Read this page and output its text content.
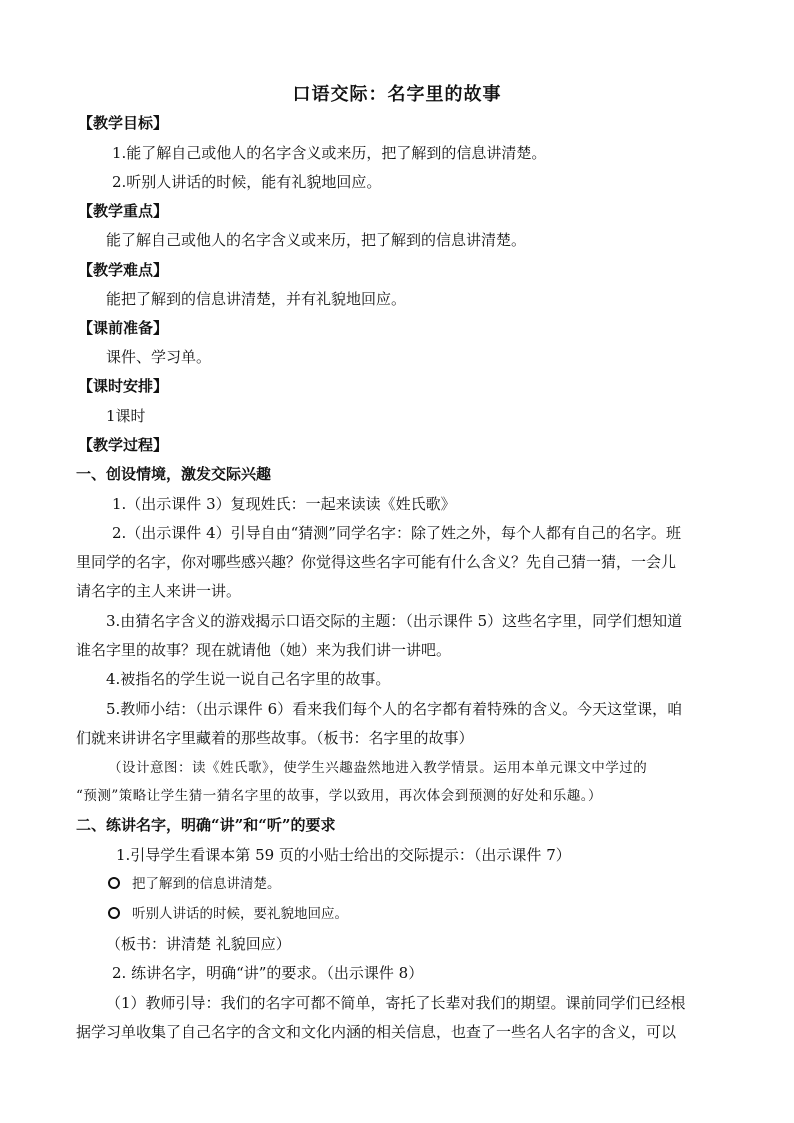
口语交际：名字里的故事
【教学目标】
1.能了解自己或他人的名字含义或来历，把了解到的信息讲清楚。
2.听别人讲话的时候，能有礼貌地回应。
【教学重点】
能了解自己或他人的名字含义或来历，把了解到的信息讲清楚。
【教学难点】
能把了解到的信息讲清楚，并有礼貌地回应。
【课前准备】
课件、学习单。
【课时安排】
1课时
【教学过程】
一、创设情境，激发交际兴趣
1.（出示课件 3）复现姓氏：一起来读读《姓氏歌》
2.（出示课件 4）引导自由“猜测”同学名字：除了姓之外，每个人都有自己的名字。班
里同学的名字，你对哪些感兴趣？你觉得这些名字可能有什么含义？先自己猜一猜，一会儿
请名字的主人来讲一讲。
3.由猜名字含义的游戏揭示口语交际的主题：（出示课件 5）这些名字里，同学们想知道
谁名字里的故事？现在就请他（她）来为我们讲一讲吧。
4.被指名的学生说一说自己名字里的故事。
5.教师小结：（出示课件 6）看来我们每个人的名字都有着特殊的含义。今天这堂课，咱
们就来讲讲名字里藏着的那些故事。（板书：名字里的故事）
（设计意图：读《姓氏歌》，使学生兴趣盎然地进入教学情景。运用本单元课文中学过的
“预测”策略让学生猜一猜名字里的故事，学以致用，再次体会到预测的好处和乐趣。）
二、练讲名字，明确“讲”和“听”的要求
1.引导学生看课本第 59 页的小贴士给出的交际提示：（出示课件 7）
把了解到的信息讲清楚。
听别人讲话的时候，要礼貌地回应。
（板书：讲清楚 礼貌回应）
2. 练讲名字，明确“讲”的要求。（出示课件 8）
（1）教师引导：我们的名字可都不简单，寄托了长辈对我们的期望。课前同学们已经根
据学习单收集了自己名字的含文和文化内涵的相关信息，也查了一些名人名字的含义，可以
